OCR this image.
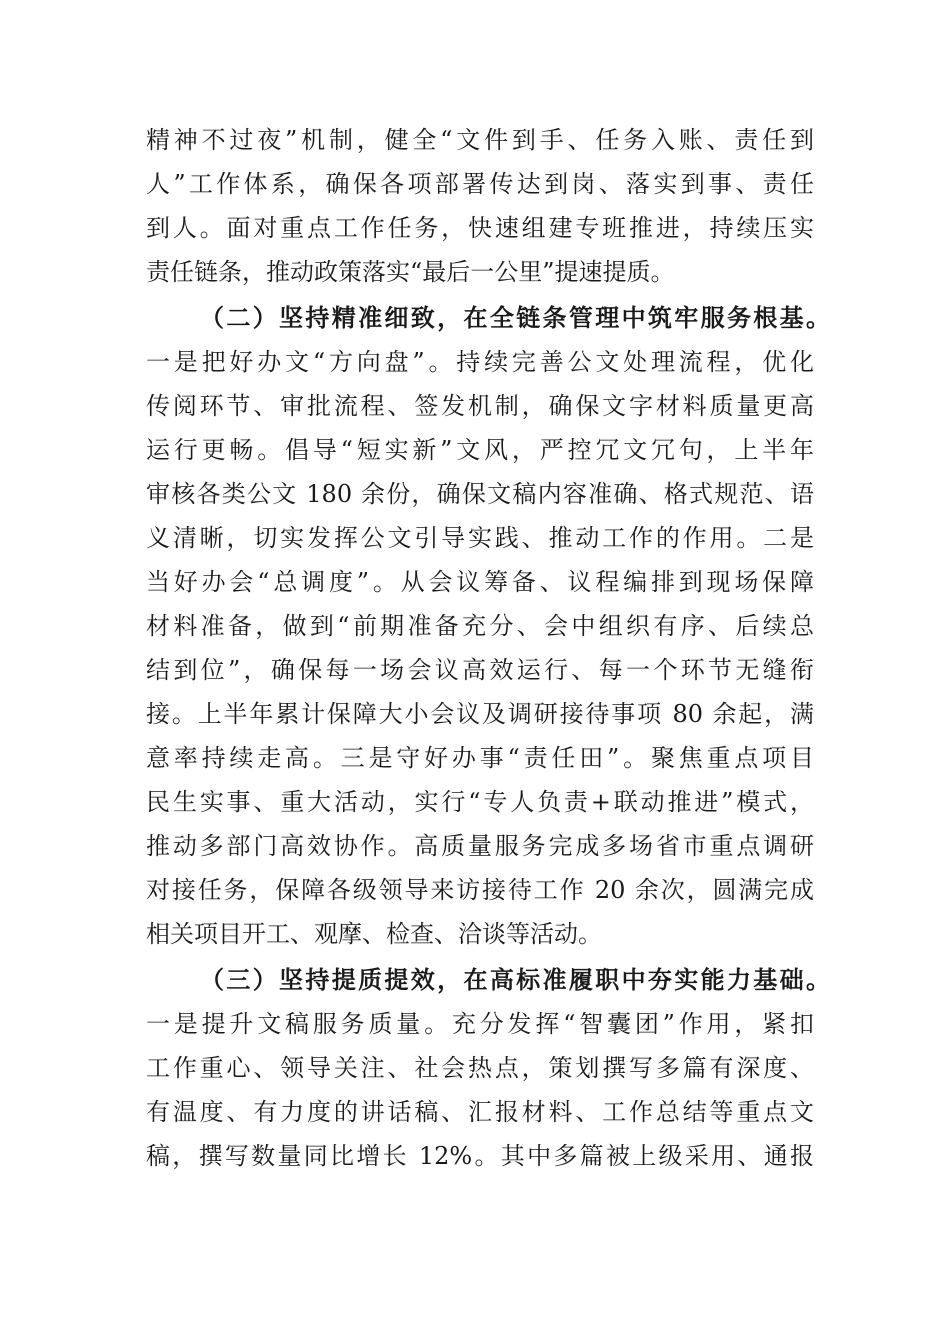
精神不过夜”机制，健全“文件到手、任务入账、责任到
人”工作体系，确保各项部署传达到岗、落实到事、责任
到人。面对重点工作任务，快速组建专班推进，持续压实
责任链条，推动政策落实“最后一公里”提速提质。
（二）坚持精准细致，在全链条管理中筑牢服务根基。
一是把好办文“方向盘”。持续完善公文处理流程，优化
传阅环节、审批流程、签发机制，确保文字材料质量更高
运行更畅。倡导“短实新”文风，严控冗文冗句，上半年
审核各类公文 180 余份，确保文稿内容准确、格式规范、语
义清晰，切实发挥公文引导实践、推动工作的作用。二是
当好办会“总调度”。从会议筹备、议程编排到现场保障
材料准备，做到“前期准备充分、会中组织有序、后续总
结到位”，确保每一场会议高效运行、每一个环节无缝衔
接。上半年累计保障大小会议及调研接待事项 80 余起，满
意率持续走高。三是守好办事“责任田”。聚焦重点项目
民生实事、重大活动，实行“专人负责+联动推进”模式，
推动多部门高效协作。高质量服务完成多场省市重点调研
对接任务，保障各级领导来访接待工作 20 余次，圆满完成
相关项目开工、观摩、检查、洽谈等活动。
（三）坚持提质提效，在高标准履职中夯实能力基础。
一是提升文稿服务质量。充分发挥“智囊团”作用，紧扣
工作重心、领导关注、社会热点，策划撰写多篇有深度、
有温度、有力度的讲话稿、汇报材料、工作总结等重点文
稿，撰写数量同比增长 12%。其中多篇被上级采用、通报
